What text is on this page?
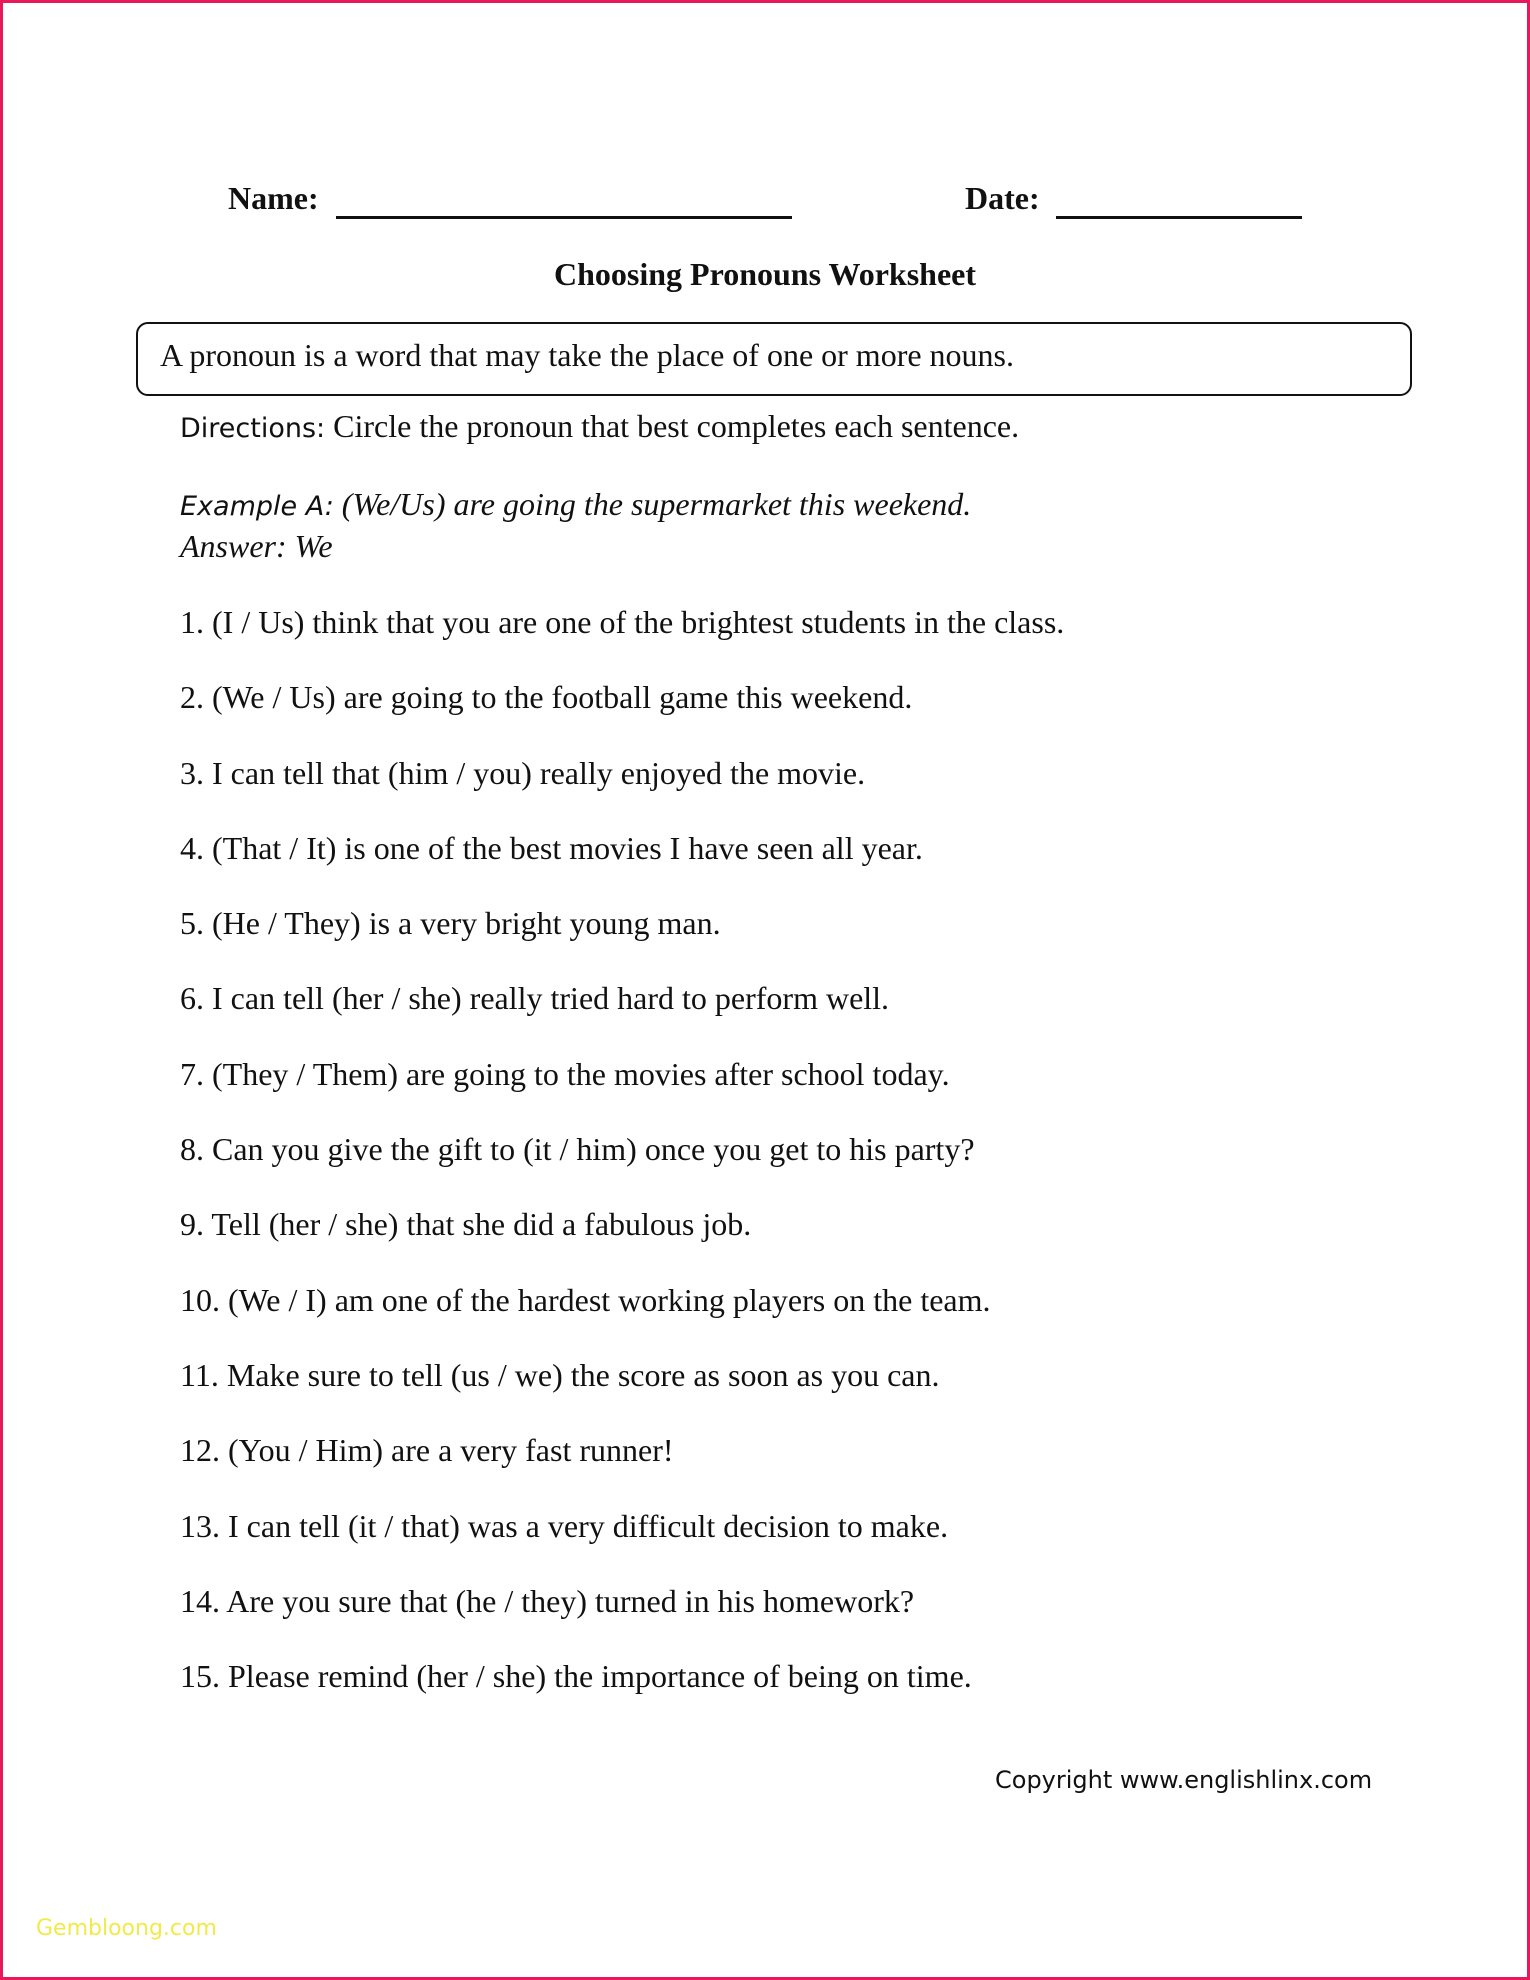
Name:	Date:
Choosing Pronouns Worksheet
A pronoun is a word that may take the place of one or more nouns.
Directions: Circle the pronoun that best completes each sentence.
Example A: (We/Us) are going the supermarket this weekend.
Answer: We
1. (I / Us) think that you are one of the brightest students in the class.
2. (We / Us) are going to the football game this weekend.
3. I can tell that (him / you) really enjoyed the movie.
4. (That / It) is one of the best movies I have seen all year.
5. (He / They) is a very bright young man.
6. I can tell (her / she) really tried hard to perform well.
7. (They / Them) are going to the movies after school today.
8. Can you give the gift to (it / him) once you get to his party?
9. Tell (her / she) that she did a fabulous job.
10. (We / I) am one of the hardest working players on the team.
11. Make sure to tell (us / we) the score as soon as you can.
12. (You / Him) are a very fast runner!
13. I can tell (it / that) was a very difficult decision to make.
14. Are you sure that (he / they) turned in his homework?
15. Please remind (her / she) the importance of being on time.
Copyright www.englishlinx.com
Gembloong.com
